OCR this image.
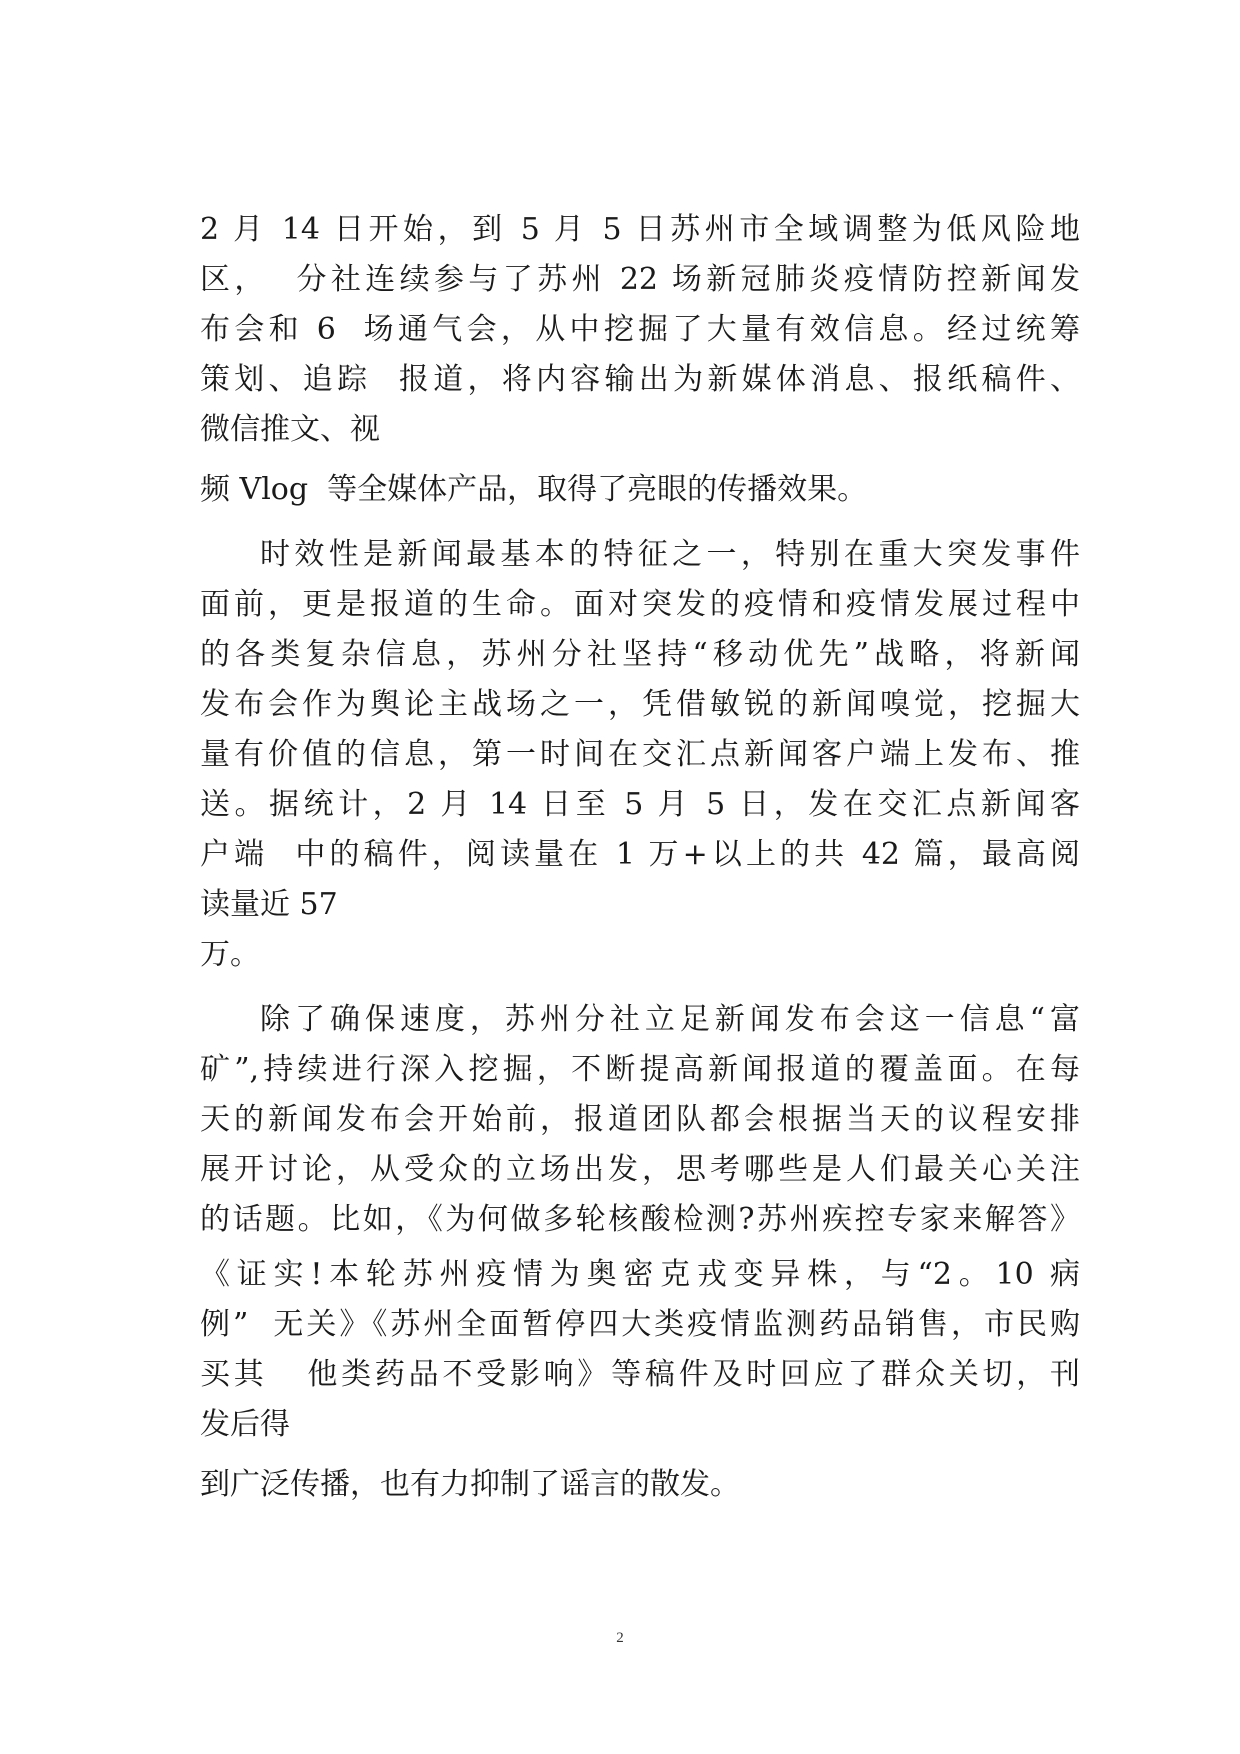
2 月 14 日开始，到 5 月 5 日苏州市全域调整为低风险地
区，  分社连续参与了苏州 22 场新冠肺炎疫情防控新闻发
布会和 6  场通气会，从中挖掘了大量有效信息。经过统筹
策划、追踪  报道，将内容输出为新媒体消息、报纸稿件、
微信推文、视
频 Vlog  等全媒体产品，取得了亮眼的传播效果。
时效性是新闻最基本的特征之一，特别在重大突发事件
面前，更是报道的生命。面对突发的疫情和疫情发展过程中
的各类复杂信息，苏州分社坚持“移动优先”战略，将新闻
发布会作为舆论主战场之一，凭借敏锐的新闻嗅觉，挖掘大
量有价值的信息，第一时间在交汇点新闻客户端上发布、推
送。据统计，2 月 14 日至 5 月 5 日，发在交汇点新闻客
户端  中的稿件，阅读量在 1 万+以上的共 42 篇，最高阅
读量近 57
万。
除了确保速度，苏州分社立足新闻发布会这一信息“富
矿”,持续进行深入挖掘，不断提高新闻报道的覆盖面。在每
天的新闻发布会开始前，报道团队都会根据当天的议程安排
展开讨论，从受众的立场出发，思考哪些是人们最关心关注
的话题。比如，《为何做多轮核酸检测?苏州疾控专家来解答》
《证实!本轮苏州疫情为奥密克戎变异株，与“2。10 病
例”  无关》《苏州全面暂停四大类疫情监测药品销售，市民购
买其   他类药品不受影响》等稿件及时回应了群众关切，刊
发后得
到广泛传播，也有力抑制了谣言的散发。
2
